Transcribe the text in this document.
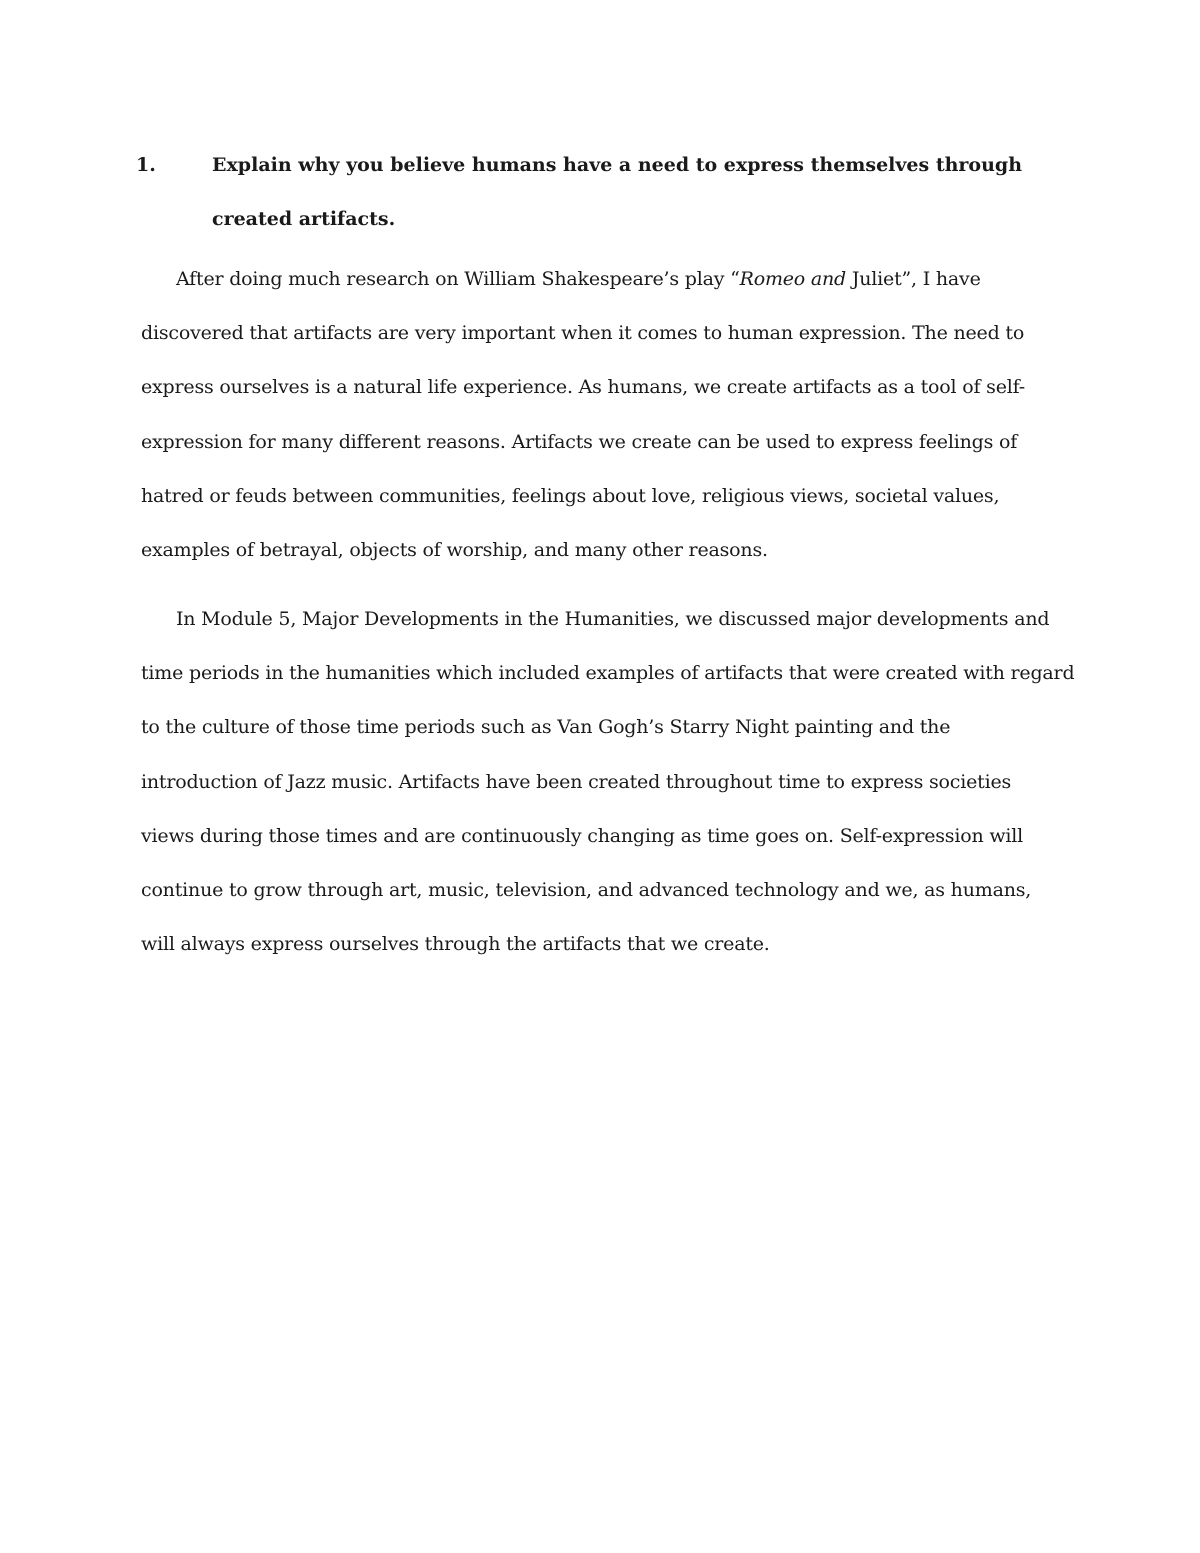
1.	Explain why you believe humans have a need to express themselves through created artifacts.

After doing much research on William Shakespeare’s play “Romeo and Juliet”, I have
discovered that artifacts are very important when it comes to human expression. The need to
express ourselves is a natural life experience. As humans, we create artifacts as a tool of self-
expression for many different reasons. Artifacts we create can be used to express feelings of
hatred or feuds between communities, feelings about love, religious views, societal values,
examples of betrayal, objects of worship, and many other reasons.

In Module 5, Major Developments in the Humanities, we discussed major developments and
time periods in the humanities which included examples of artifacts that were created with regard
to the culture of those time periods such as Van Gogh’s Starry Night painting and the
introduction of Jazz music. Artifacts have been created throughout time to express societies
views during those times and are continuously changing as time goes on. Self-expression will
continue to grow through art, music, television, and advanced technology and we, as humans,
will always express ourselves through the artifacts that we create.
